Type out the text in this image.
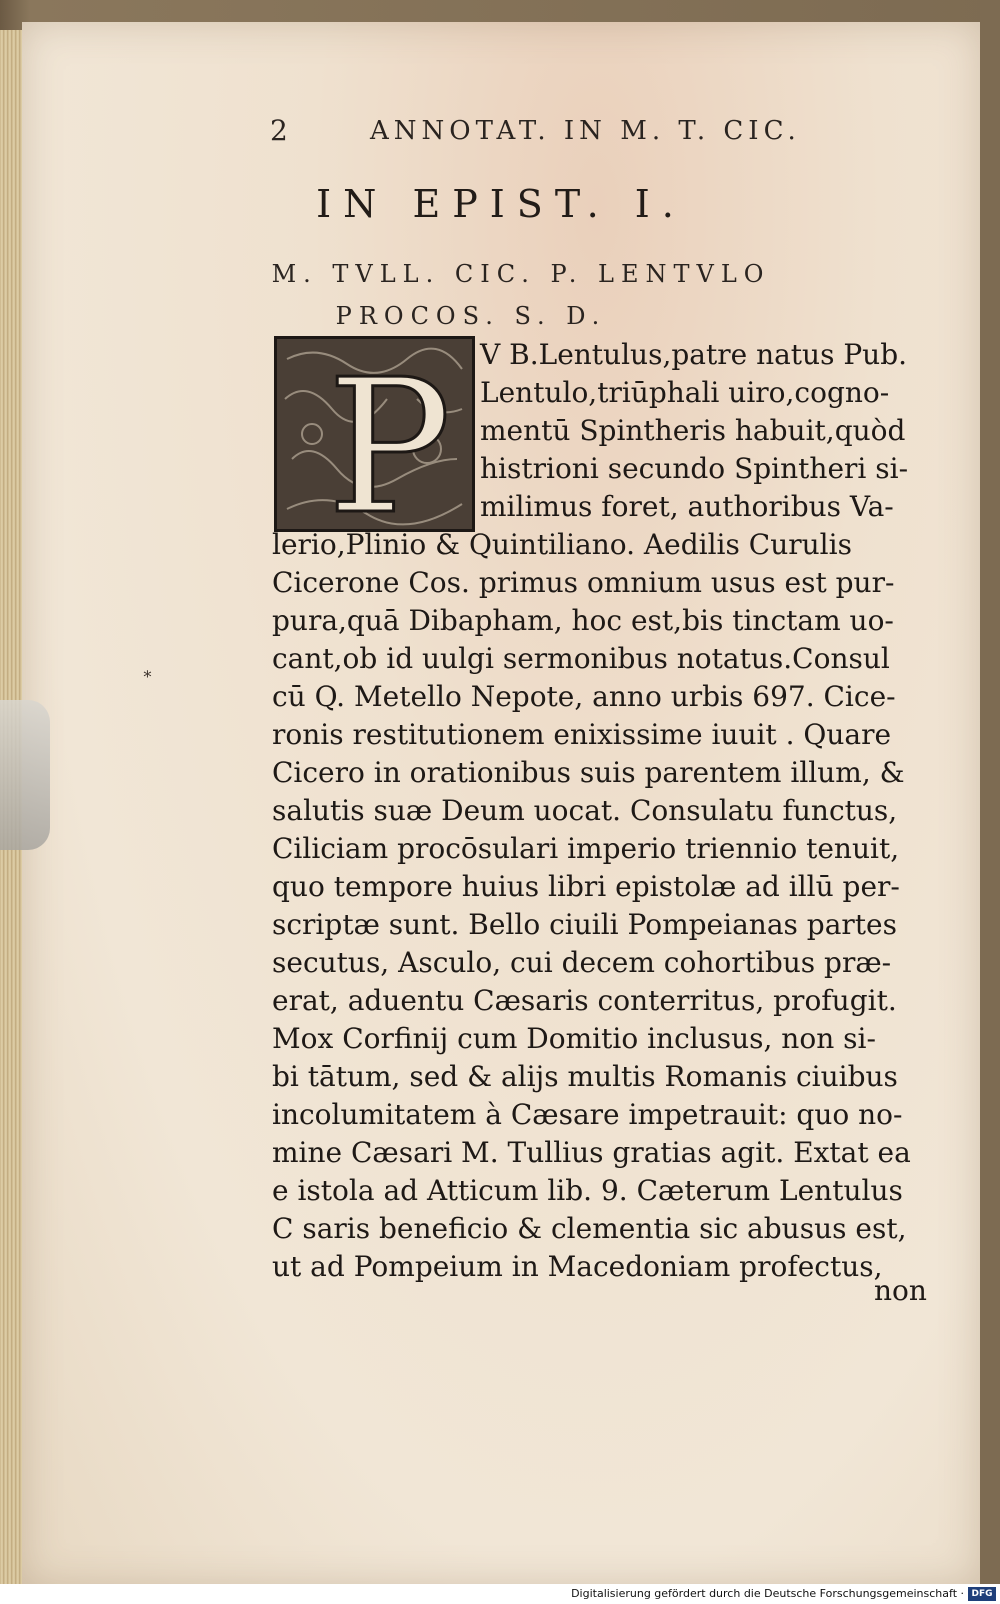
2	ANNOTAT. IN M. T. CIC.
IN EPIST. I.
M. TVLL. CIC. P. LENTVLO
PROCOS. S. D.
P V B.Lentulus,patre natus Pub.
Lentulo,triūphali uiro,cogno-
mentū Spintheris habuit,quòd
histrioni secundo Spintheri si-
milimus foret, authoribus Va-
lerio,Plinio & Quintiliano. Aedilis Curulis
Cicerone Cos. primus omnium usus est pur-
pura,quā Dibapham, hoc est,bis tinctam uo-
cant,ob id uulgi sermonibus notatus.Consul
cū Q. Metello Nepote, anno urbis 697. Cice-
ronis restitutionem enixissime iuuit . Quare
Cicero in orationibus suis parentem illum, &
salutis suæ Deum uocat. Consulatu functus,
Ciliciam procōsulari imperio triennio tenuit,
quo tempore huius libri epistolæ ad illū per-
scriptæ sunt. Bello ciuili Pompeianas partes
secutus, Asculo, cui decem cohortibus præ-
erat, aduentu Cæsaris conterritus, profugit.
Mox Corfinij cum Domitio inclusus, non si-
bi tātum, sed & alijs multis Romanis ciuibus
incolumitatem à Cæsare impetrauit: quo no-
mine Cæsari M. Tullius gratias agit. Extat ea
e istola ad Atticum lib. 9. Cæterum Lentulus
C saris beneficio & clementia sic abusus est,
ut ad Pompeium in Macedoniam profectus,
non
∗
Digitalisierung gefördert durch die Deutsche Forschungsgemeinschaft · DFG
